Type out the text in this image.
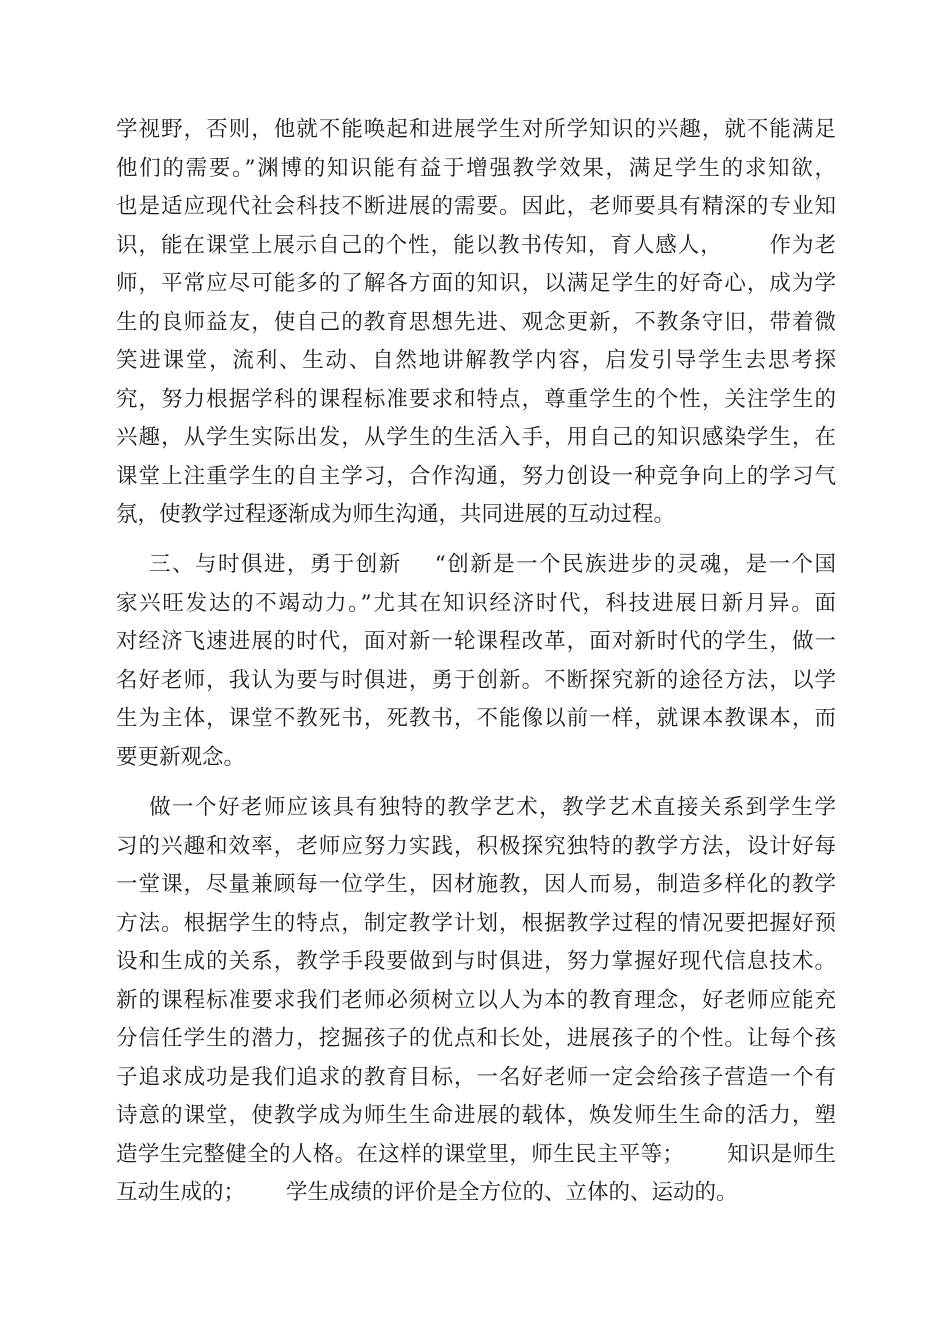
学视野，否则，他就不能唤起和进展学生对所学知识的兴趣，就不能满足
他们的需要。”渊博的知识能有益于增强教学效果，满足学生的求知欲，
也是适应现代社会科技不断进展的需要。因此，老师要具有精深的专业知
识，能在课堂上展示自己的个性，能以教书传知，育人感人，      作为老
师，平常应尽可能多的了解各方面的知识，以满足学生的好奇心，成为学
生的良师益友，使自己的教育思想先进、观念更新，不教条守旧，带着微
笑进课堂，流利、生动、自然地讲解教学内容，启发引导学生去思考探
究，努力根据学科的课程标准要求和特点，尊重学生的个性，关注学生的
兴趣，从学生实际出发，从学生的生活入手，用自己的知识感染学生，在
课堂上注重学生的自主学习，合作沟通，努力创设一种竞争向上的学习气
氛，使教学过程逐渐成为师生沟通，共同进展的互动过程。
三、与时俱进，勇于创新    “创新是一个民族进步的灵魂，是一个国
家兴旺发达的不竭动力。”尤其在知识经济时代，科技进展日新月异。面
对经济飞速进展的时代，面对新一轮课程改革，面对新时代的学生，做一
名好老师，我认为要与时俱进，勇于创新。不断探究新的途径方法，以学
生为主体，课堂不教死书，死教书，不能像以前一样，就课本教课本，而
要更新观念。
做一个好老师应该具有独特的教学艺术，教学艺术直接关系到学生学
习的兴趣和效率，老师应努力实践，积极探究独特的教学方法，设计好每
一堂课，尽量兼顾每一位学生，因材施教，因人而易，制造多样化的教学
方法。根据学生的特点，制定教学计划，根据教学过程的情况要把握好预
设和生成的关系，教学手段要做到与时俱进，努力掌握好现代信息技术。
新的课程标准要求我们老师必须树立以人为本的教育理念，好老师应能充
分信任学生的潜力，挖掘孩子的优点和长处，进展孩子的个性。让每个孩
子追求成功是我们追求的教育目标，一名好老师一定会给孩子营造一个有
诗意的课堂，使教学成为师生生命进展的载体，焕发师生生命的活力，塑
造学生完整健全的人格。在这样的课堂里，师生民主平等；      知识是师生
互动生成的；      学生成绩的评价是全方位的、立体的、运动的。
